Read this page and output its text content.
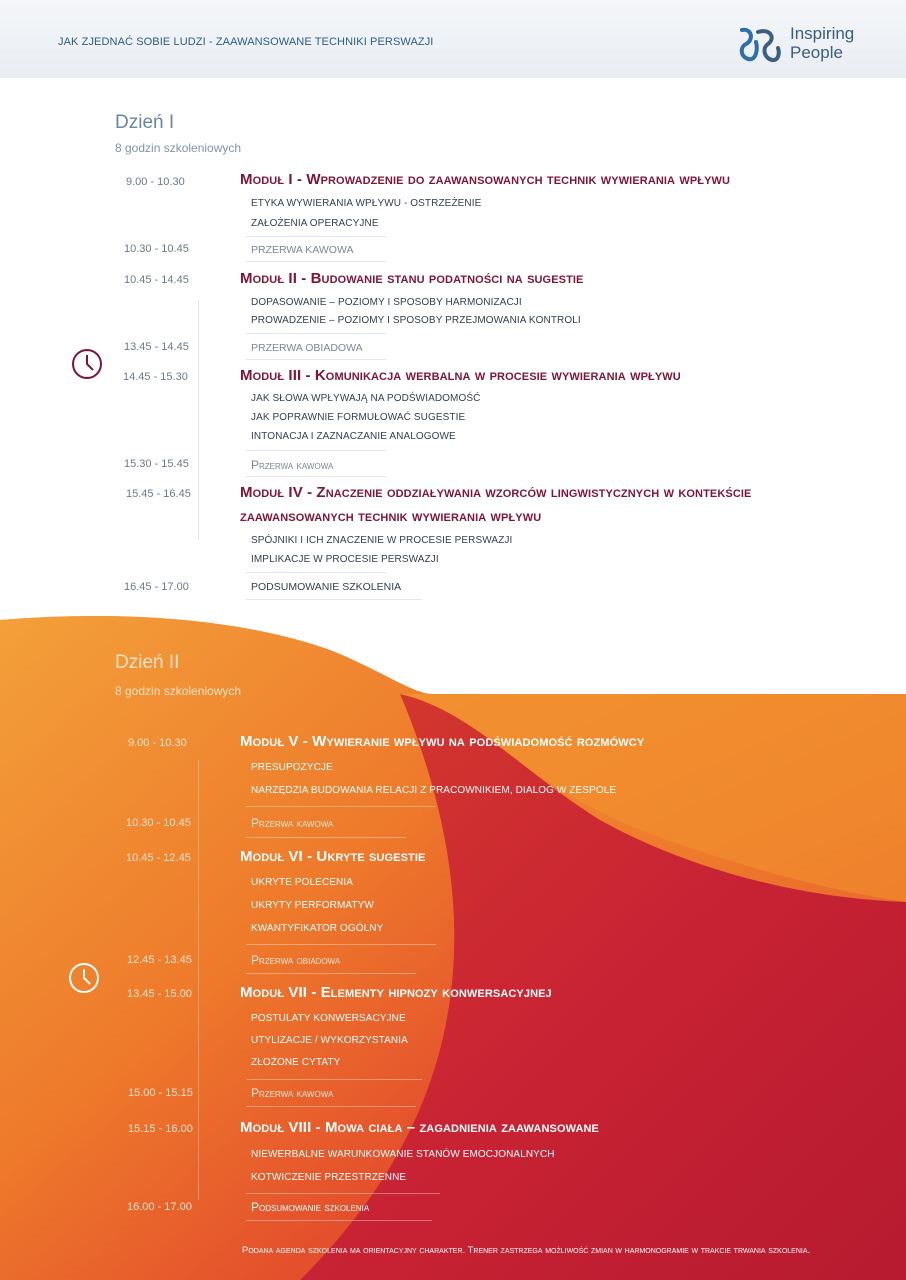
JAK ZJEDNAĆ SOBIE LUDZI - ZAAWANSOWANE TECHNIKI PERSWAZJI	Inspiring
People
Dzień I
8 godzin szkoleniowych
9.00 - 10.30	Moduł I - Wprowadzenie do zaawansowanych technik wywierania wpływu
ETYKA WYWIERANIA WPŁYWU - OSTRZEŻENIE
ZAŁOŻENIA OPERACYJNE
10.30 - 10.45	PRZERWA KAWOWA
10.45 - 14.45	Moduł II - Budowanie stanu podatności na sugestie
DOPASOWANIE – POZIOMY I SPOSOBY HARMONIZACJI
PROWADZENIE – POZIOMY I SPOSOBY PRZEJMOWANIA KONTROLI
13.45 - 14.45	PRZERWA OBIADOWA
14.45 - 15.30	Moduł III - Komunikacja werbalna w procesie wywierania wpływu
JAK SŁOWA WPŁYWAJĄ NA PODŚWIADOMOŚĆ
JAK POPRAWNIE FORMUŁOWAĆ SUGESTIE
INTONACJA I ZAZNACZANIE ANALOGOWE
15.30 - 15.45	Przerwa kawowa
15.45 - 16.45	Moduł IV - Znaczenie oddziaływania wzorców lingwistycznych w kontekście
zaawansowanych technik wywierania wpływu
SPÓJNIKI I ICH ZNACZENIE W PROCESIE PERSWAZJI
IMPLIKACJE W PROCESIE PERSWAZJI
16.45 - 17.00	PODSUMOWANIE SZKOLENIA
Dzień II
8 godzin szkoleniowych
9.00 - 10.30	Moduł V - Wywieranie wpływu na podświadomość rozmówcy
PRESUPOZYCJE
NARZĘDZIA BUDOWANIA RELACJI Z PRACOWNIKIEM, DIALOG W ZESPOLE
10.30 - 10.45	Przerwa kawowa
10.45 - 12.45	Moduł VI - Ukryte sugestie
UKRYTE POLECENIA
UKRYTY PERFORMATYW
KWANTYFIKATOR OGÓLNY
12.45 - 13.45	Przerwa obiadowa
13.45 - 15.00	Moduł VII - Elementy hipnozy konwersacyjnej
POSTULATY KONWERSACYJNE
UTYLIZACJE / WYKORZYSTANIA
ZŁOŻONE CYTATY
15.00 - 15.15	Przerwa kawowa
15.15 - 16.00	Moduł VIII - Mowa ciała – zagadnienia zaawansowane
NIEWERBALNE WARUNKOWANIE STANÓW EMOCJONALNYCH
KOTWICZENIE PRZESTRZENNE
16.00 - 17.00	Podsumowanie szkolenia
Podana agenda szkolenia ma orientacyjny charakter. Trener zastrzega możliwość zmian w harmonogramie w trakcie trwania szkolenia.
